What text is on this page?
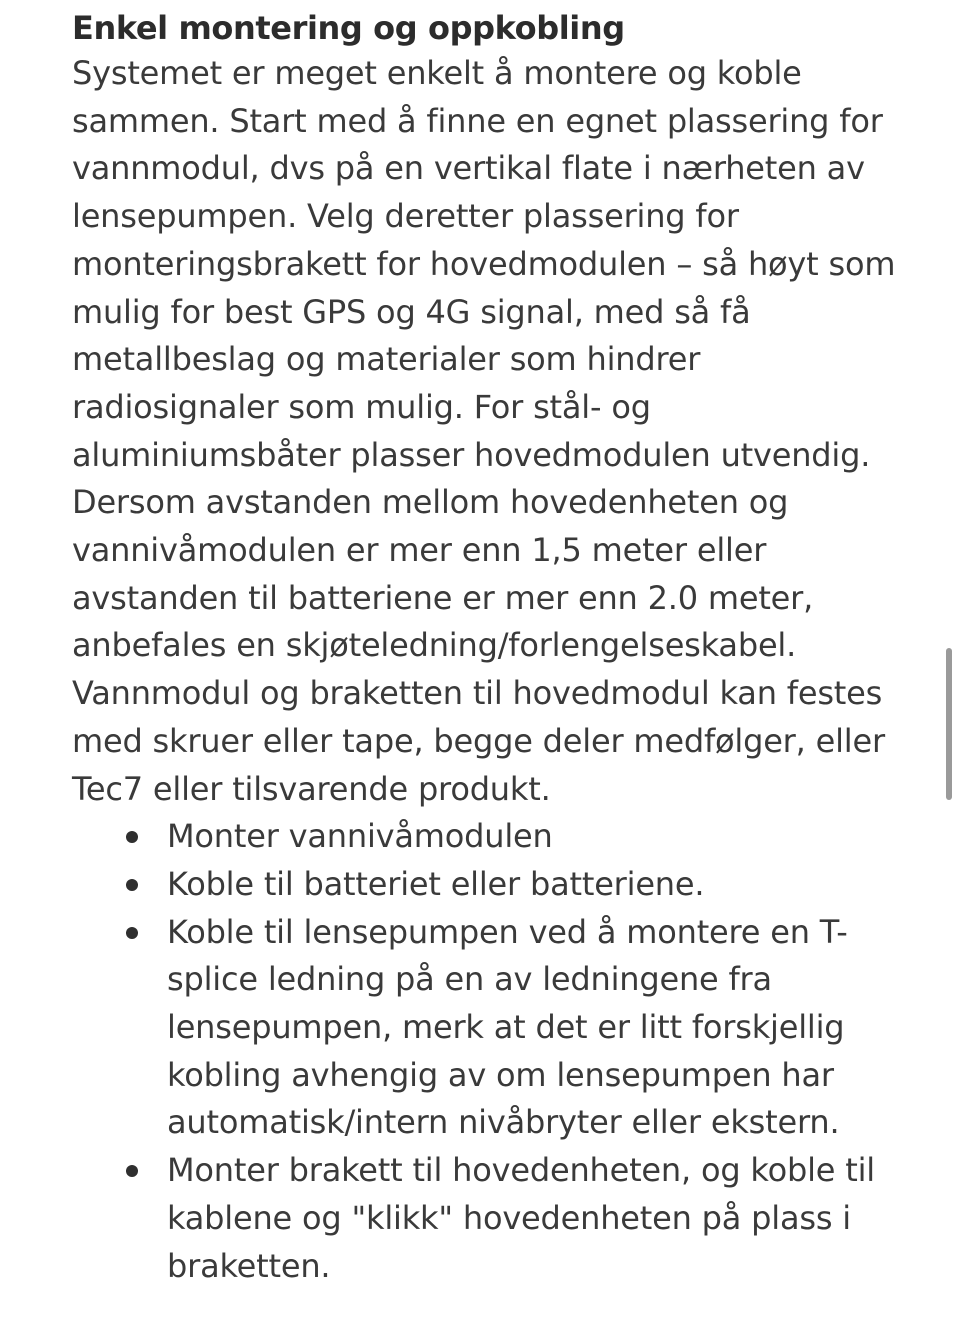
Enkel montering og oppkobling

Systemet er meget enkelt å montere og koble sammen. Start med å finne en egnet plassering for vannmodul, dvs på en vertikal flate i nærheten av lensepumpen. Velg deretter plassering for monteringsbrakett for hovedmodulen – så høyt som mulig for best GPS og 4G signal, med så få metallbeslag og materialer som hindrer radiosignaler som mulig. For stål- og aluminiumsbåter plasser hovedmodulen utvendig.

Dersom avstanden mellom hovedenheten og vannivåmodulen er mer enn 1,5 meter eller avstanden til batteriene er mer enn 2.0 meter, anbefales en skjøteledning/forlengelseskabel.

Vannmodul og braketten til hovedmodul kan festes med skruer eller tape, begge deler medfølger, eller Tec7 eller tilsvarende produkt.

Monter vannivåmodulen
Koble til batteriet eller batteriene.
Koble til lensepumpen ved å montere en T-splice ledning på en av ledningene fra lensepumpen, merk at det er litt forskjellig kobling avhengig av om lensepumpen har automatisk/intern nivåbryter eller ekstern.
Monter brakett til hovedenheten, og koble til kablene og "klikk" hovedenheten på plass i braketten.
